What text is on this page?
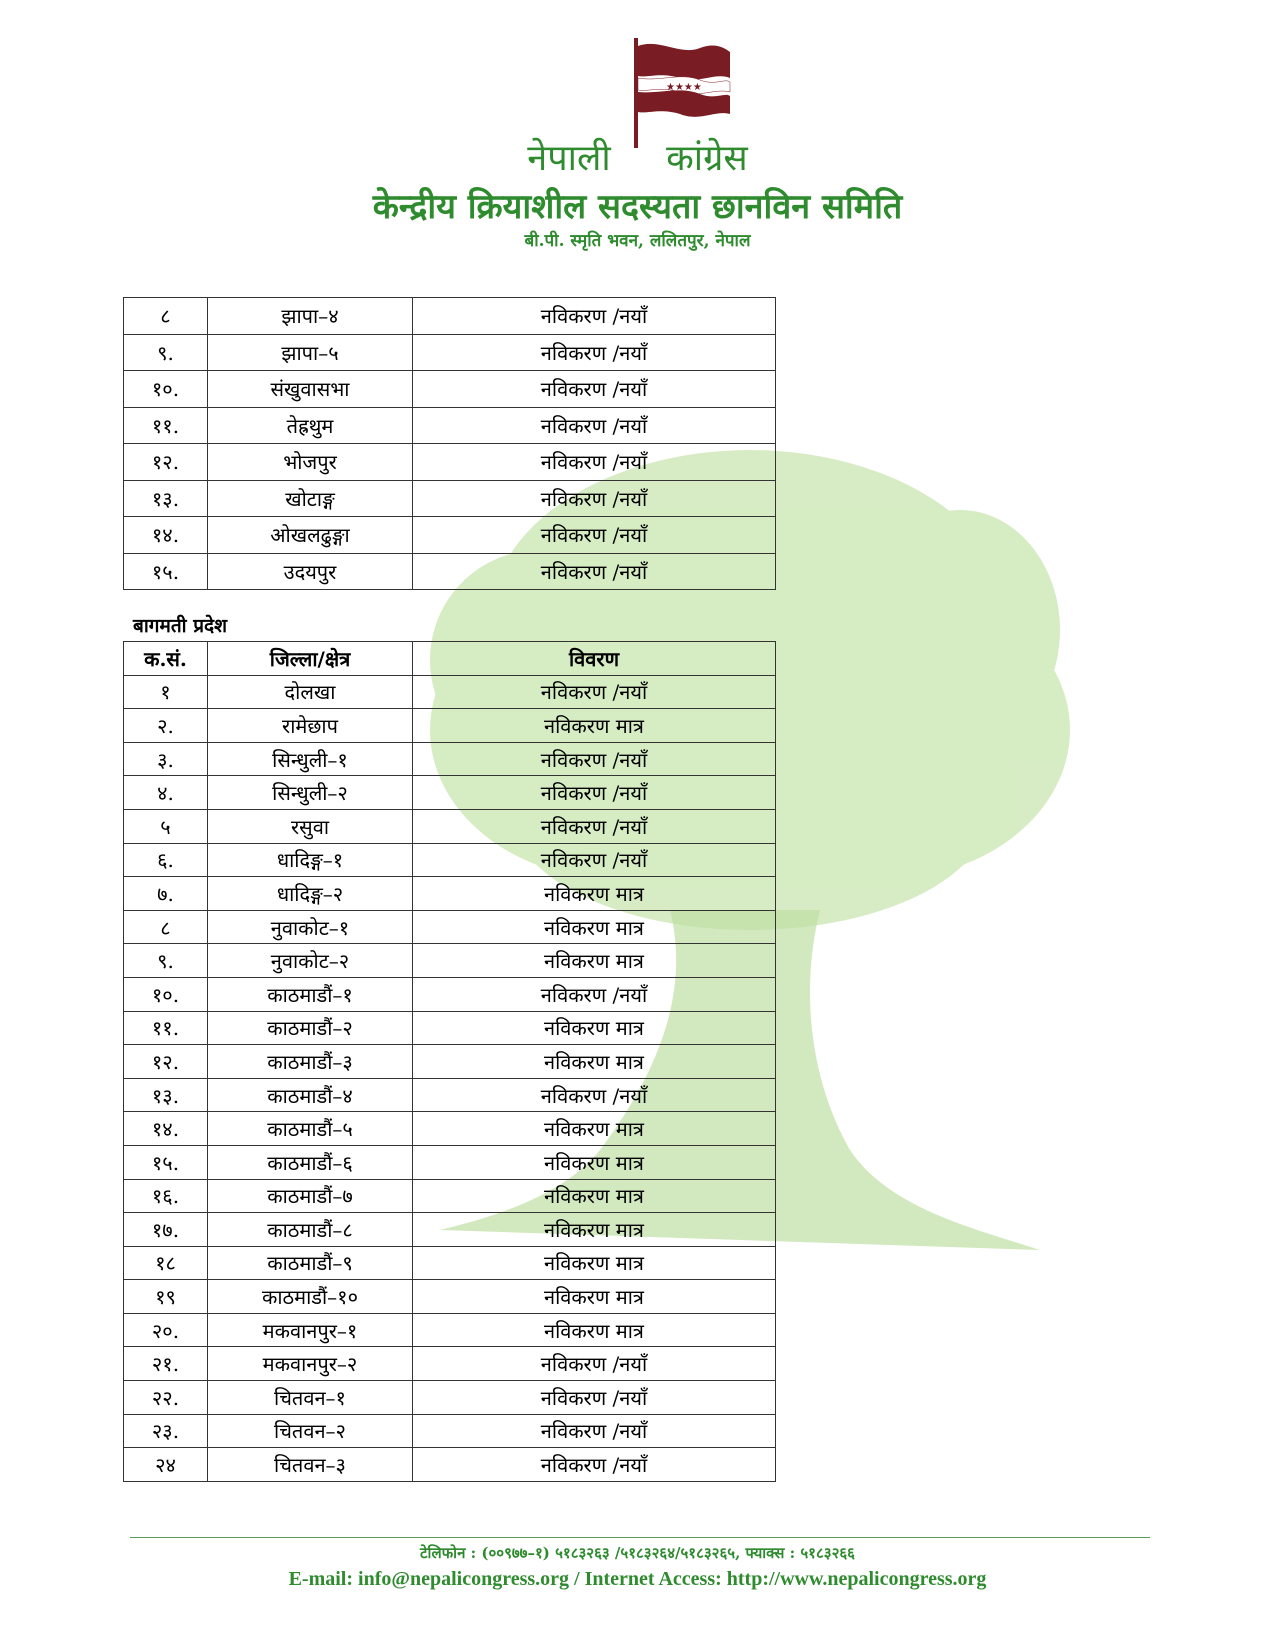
★★★★
नेपाली कांग्रेस
केन्द्रीय क्रियाशील सदस्यता छानविन समिति
बी.पी. स्मृति भवन, ललितपुर, नेपाल
८	झापा–४	नविकरण /नयाँ
९.	झापा–५	नविकरण /नयाँ
१०.	संखुवासभा	नविकरण /नयाँ
११.	तेह्रथुम	नविकरण /नयाँ
१२.	भोजपुर	नविकरण /नयाँ
१३.	खोटाङ्ग	नविकरण /नयाँ
१४.	ओखलढुङ्गा	नविकरण /नयाँ
१५.	उदयपुर	नविकरण /नयाँ
बागमती प्रदेश
क.सं.	जिल्ला/क्षेत्र	विवरण
१	दोलखा	नविकरण /नयाँ
२.	रामेछाप	नविकरण मात्र
३.	सिन्धुली–१	नविकरण /नयाँ
४.	सिन्धुली–२	नविकरण /नयाँ
५	रसुवा	नविकरण /नयाँ
६.	धादिङ्ग–१	नविकरण /नयाँ
७.	धादिङ्ग–२	नविकरण मात्र
८	नुवाकोट–१	नविकरण मात्र
९.	नुवाकोट–२	नविकरण मात्र
१०.	काठमाडौं–१	नविकरण /नयाँ
११.	काठमाडौं–२	नविकरण मात्र
१२.	काठमाडौं–३	नविकरण मात्र
१३.	काठमाडौं–४	नविकरण /नयाँ
१४.	काठमाडौं–५	नविकरण मात्र
१५.	काठमाडौं–६	नविकरण मात्र
१६.	काठमाडौं–७	नविकरण मात्र
१७.	काठमाडौं–८	नविकरण मात्र
१८	काठमाडौं–९	नविकरण मात्र
१९	काठमाडौं–१०	नविकरण मात्र
२०.	मकवानपुर–१	नविकरण मात्र
२१.	मकवानपुर–२	नविकरण /नयाँ
२२.	चितवन–१	नविकरण /नयाँ
२३.	चितवन–२	नविकरण /नयाँ
२४	चितवन–३	नविकरण /नयाँ
टेलिफोन : (००९७७–१) ५१८३२६३ /५१८३२६४/५१८३२६५, फ्याक्स : ५१८३२६६
E-mail: info@nepalicongress.org / Internet Access: http://www.nepalicongress.org
